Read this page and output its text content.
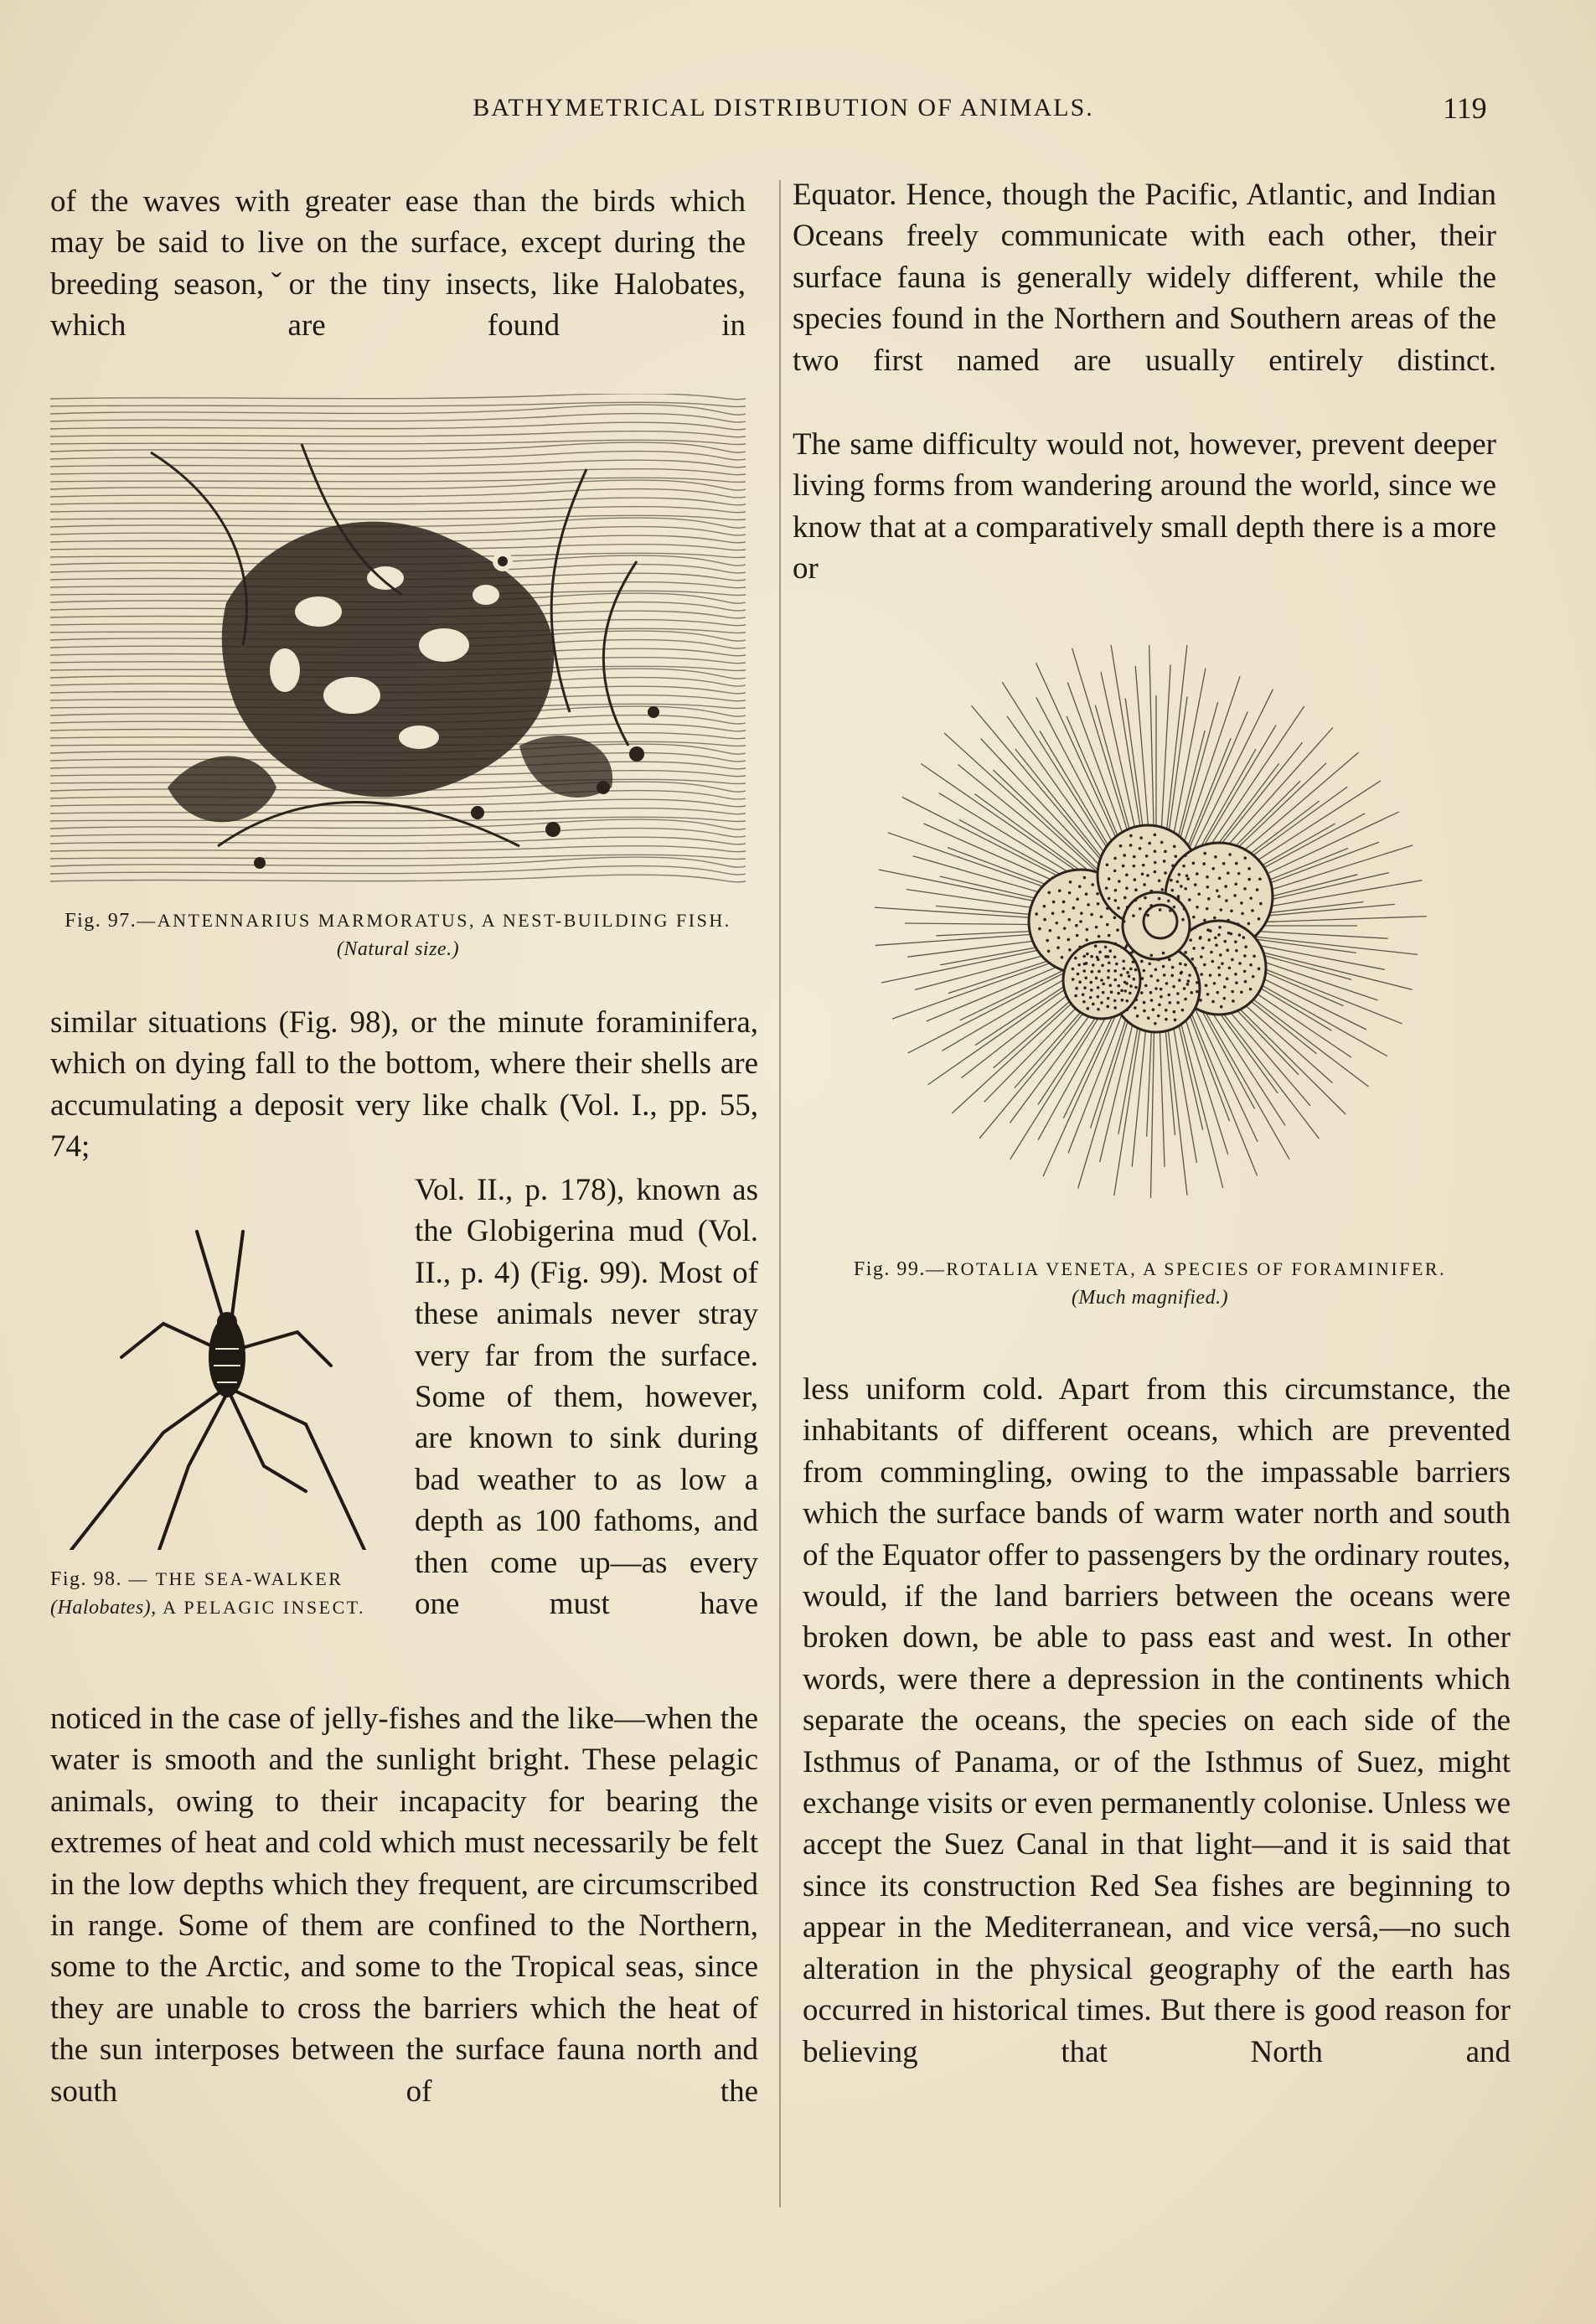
BATHYMETRICAL DISTRIBUTION OF ANIMALS.	119

of the waves with greater ease than the birds which may be said to live on the surface, except during the breeding season,ˇor the tiny insects, like Halobates, which are found in

Fig. 97.—ANTENNARIUS MARMORATUS, A NEST-BUILDING FISH. (Natural size.)

similar situations (Fig. 98), or the minute foraminifera, which on dying fall to the bottom, where their shells are accumulating a deposit very like chalk (Vol. I., pp. 55, 74;

Vol. II., p. 178), known as the Globigerina mud (Vol. II., p. 4) (Fig. 99). Most of these animals never stray very far from the surface. Some of them, however, are known to sink during bad weather to as low a depth as 100 fathoms, and then come up—as every one must have

Fig. 98. — THE SEA-WALKER (Halobates), A PELAGIC INSECT.

noticed in the case of jelly-fishes and the like—when the water is smooth and the sunlight bright. These pelagic animals, owing to their incapacity for bearing the extremes of heat and cold which must necessarily be felt in the low depths which they frequent, are circumscribed in range. Some of them are confined to the Northern, some to the Arctic, and some to the Tropical seas, since they are unable to cross the barriers which the heat of the sun interposes between the surface fauna north and south of the

Equator. Hence, though the Pacific, Atlantic, and Indian Oceans freely communicate with each other, their surface fauna is generally widely different, while the species found in the Northern and Southern areas of the two first named are usually entirely distinct.

The same difficulty would not, however, prevent deeper living forms from wandering around the world, since we know that at a comparatively small depth there is a more or

Fig. 99.—ROTALIA VENETA, A SPECIES OF FORAMINIFER.
(Much magnified.)

less uniform cold. Apart from this circumstance, the inhabitants of different oceans, which are prevented from commingling, owing to the impassable barriers which the surface bands of warm water north and south of the Equator offer to passengers by the ordinary routes, would, if the land barriers between the oceans were broken down, be able to pass east and west. In other words, were there a depression in the continents which separate the oceans, the species on each side of the Isthmus of Panama, or of the Isthmus of Suez, might exchange visits or even permanently colonise. Unless we accept the Suez Canal in that light—and it is said that since its construction Red Sea fishes are beginning to appear in the Mediterranean, and vice versâ,—no such alteration in the physical geography of the earth has occurred in historical times. But there is good reason for believing that North and
